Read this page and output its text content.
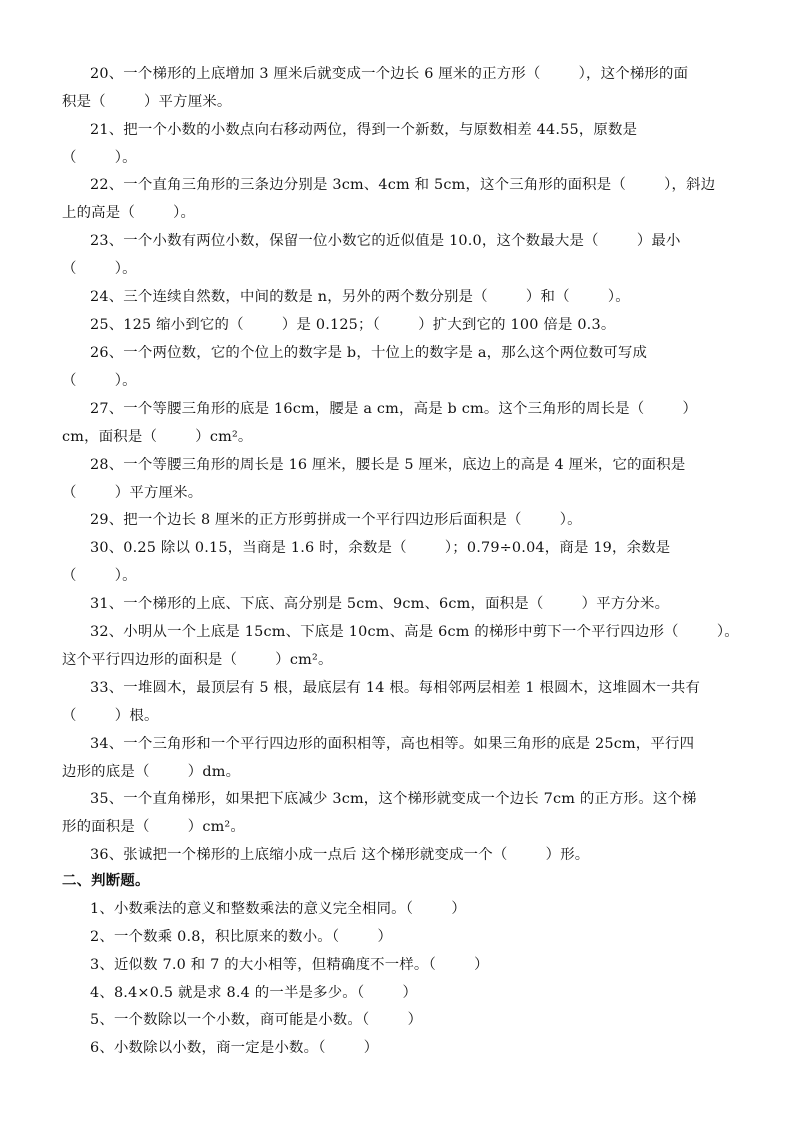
20、一个梯形的上底增加 3 厘米后就变成一个边长 6 厘米的正方形（        ），这个梯形的面
积是（        ）平方厘米。
21、把一个小数的小数点向右移动两位，得到一个新数，与原数相差 44.55，原数是
（        ）。
22、一个直角三角形的三条边分别是 3cm、4cm 和 5cm，这个三角形的面积是（        ），斜边
上的高是（        ）。
23、一个小数有两位小数，保留一位小数它的近似值是 10.0，这个数最大是（        ）最小
（        ）。
24、三个连续自然数，中间的数是 n，另外的两个数分别是（        ）和（        ）。
25、125 缩小到它的（        ）是 0.125；（        ）扩大到它的 100 倍是 0.3。
26、一个两位数，它的个位上的数字是 b，十位上的数字是 a，那么这个两位数可写成
（        ）。
27、一个等腰三角形的底是 16cm，腰是 a cm，高是 b cm。这个三角形的周长是（        ）
cm，面积是（        ）cm²。
28、一个等腰三角形的周长是 16 厘米，腰长是 5 厘米，底边上的高是 4 厘米，它的面积是
（        ）平方厘米。
29、把一个边长 8 厘米的正方形剪拼成一个平行四边形后面积是（        ）。
30、0.25 除以 0.15，当商是 1.6 时，余数是（        ）；0.79÷0.04，商是 19，余数是
（        ）。
31、一个梯形的上底、下底、高分别是 5cm、9cm、6cm，面积是（        ）平方分米。
32、小明从一个上底是 15cm、下底是 10cm、高是 6cm 的梯形中剪下一个平行四边形（        ）。
这个平行四边形的面积是（        ）cm²。
33、一堆圆木，最顶层有 5 根，最底层有 14 根。每相邻两层相差 1 根圆木，这堆圆木一共有
（        ）根。
34、一个三角形和一个平行四边形的面积相等，高也相等。如果三角形的底是 25cm，平行四
边形的底是（        ）dm。
35、一个直角梯形，如果把下底减少 3cm，这个梯形就变成一个边长 7cm 的正方形。这个梯
形的面积是（        ）cm²。
36、张诚把一个梯形的上底缩小成一点后 这个梯形就变成一个（        ）形。
二、判断题。
1、小数乘法的意义和整数乘法的意义完全相同。（        ）
2、一个数乘 0.8，积比原来的数小。（        ）
3、近似数 7.0 和 7 的大小相等，但精确度不一样。（        ）
4、8.4×0.5 就是求 8.4 的一半是多少。（        ）
5、一个数除以一个小数，商可能是小数。（        ）
6、小数除以小数，商一定是小数。（        ）
